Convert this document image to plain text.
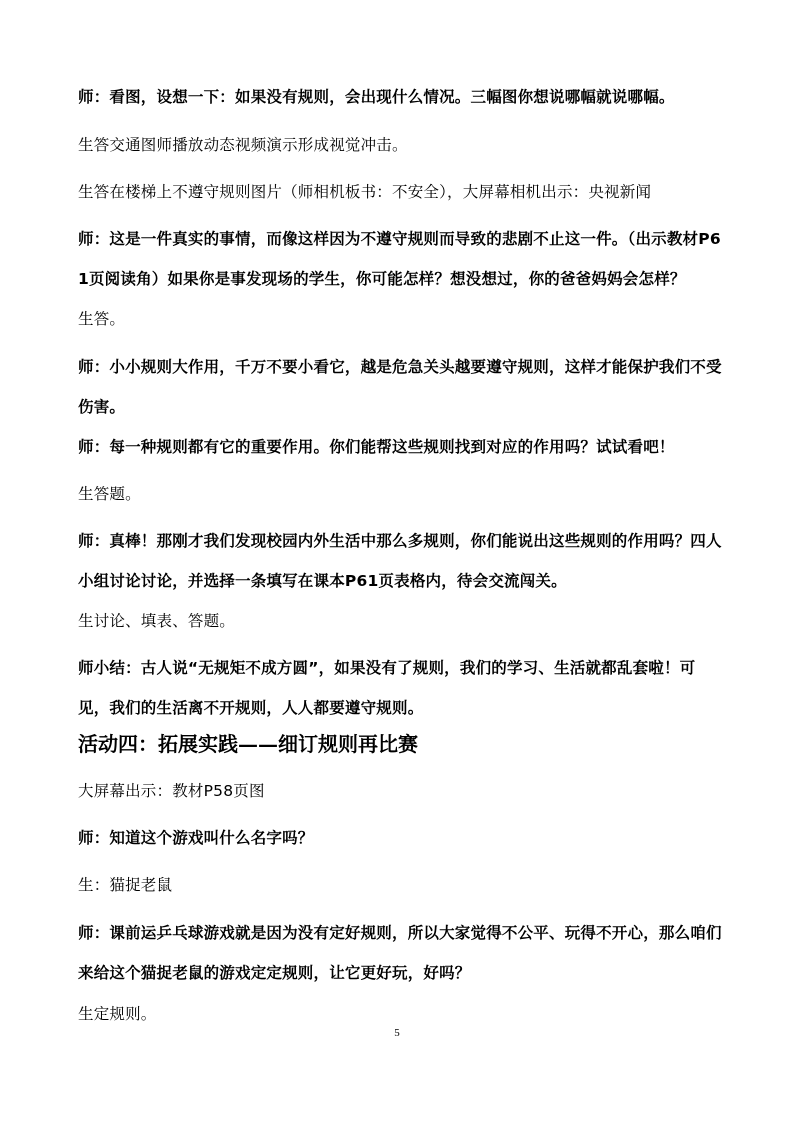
师：看图，设想一下：如果没有规则，会出现什么情况。三幅图你想说哪幅就说哪幅。

生答交通图师播放动态视频演示形成视觉冲击。

生答在楼梯上不遵守规则图片（师相机板书：不安全），大屏幕相机出示：央视新闻

师：这是一件真实的事情，而像这样因为不遵守规则而导致的悲剧不止这一件。（出示教材P61页阅读角）如果你是事发现场的学生，你可能怎样？想没想过，你的爸爸妈妈会怎样？

生答。

师：小小规则大作用，千万不要小看它，越是危急关头越要遵守规则，这样才能保护我们不受伤害。

师：每一种规则都有它的重要作用。你们能帮这些规则找到对应的作用吗？试试看吧！

生答题。

师：真棒！那刚才我们发现校园内外生活中那么多规则，你们能说出这些规则的作用吗？四人小组讨论讨论，并选择一条填写在课本P61页表格内，待会交流闯关。

生讨论、填表、答题。

师小结：古人说“无规矩不成方圆”，如果没有了规则，我们的学习、生活就都乱套啦！可见，我们的生活离不开规则，人人都要遵守规则。

活动四：拓展实践——细订规则再比赛

大屏幕出示：教材P58页图

师：知道这个游戏叫什么名字吗？

生：猫捉老鼠

师：课前运乒乓球游戏就是因为没有定好规则，所以大家觉得不公平、玩得不开心，那么咱们来给这个猫捉老鼠的游戏定定规则，让它更好玩，好吗？

生定规则。

5
